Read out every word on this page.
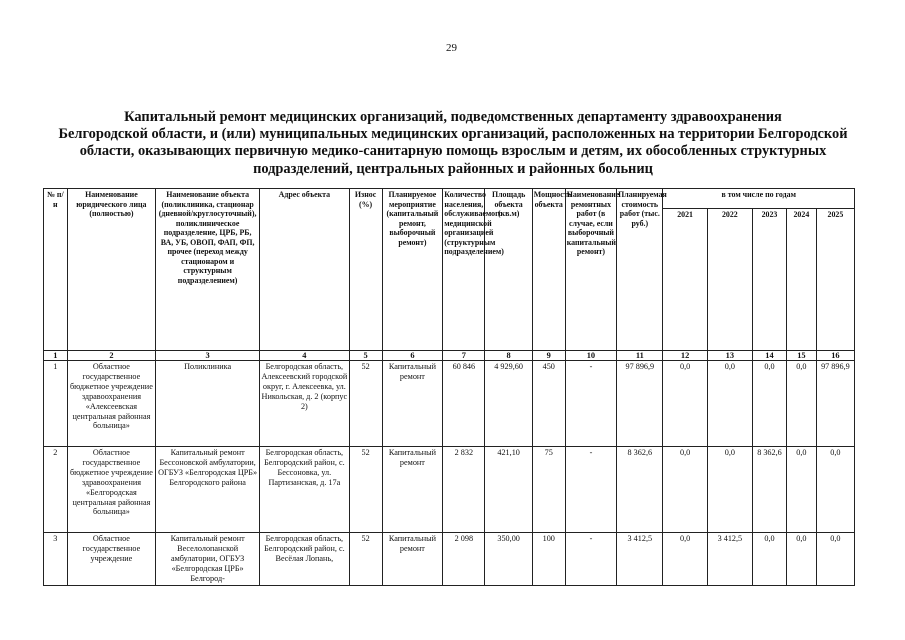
29
Капитальный ремонт медицинских организаций, подведомственных департаменту здравоохранения
Белгородской области, и (или) муниципальных медицинских организаций, расположенных на территории Белгородской
области, оказывающих первичную медико-санитарную помощь взрослым и детям, их обособленных структурных
подразделений, центральных районных и районных больниц
№ п/н	Наименование юридического лица (полностью)	Наименование объекта (поликлиника, стационар (дневной/круглосуточный), поликлиническое подразделение, ЦРБ, РБ, ВА, УБ, ОВОП, ФАП, ФП, прочее (переход между стационаром и структурным подразделением)	Адрес объекта	Износ (%)	Планируемое мероприятие (капитальный ремонт, выборочный ремонт)	Количество населения, обслуживаемого медицинской организацией (структурным подразделением)	Площадь объекта (кв.м)	Мощность объекта	Наименование ремонтных работ (в случае, если выборочный капитальный ремонт)	Планируемая стоимость работ (тыс. руб.)	в том числе по годам				
											2021	2022	2023	2024	2025
1	2	3	4	5	6	7	8	9	10	11	12	13	14	15	16
1	Областное государственное бюджетное учреждение здравоохранения «Алексеевская центральная районная больница»	Поликлиника	Белгородская область, Алексеевский городской округ, г. Алексеевка, ул. Никольская, д. 2 (корпус 2)	52	Капитальный ремонт	60 846	4 929,60	450	-	97 896,9	0,0	0,0	0,0	0,0	97 896,9
2	Областное государственное бюджетное учреждение здравоохранения «Белгородская центральная районная больница»	Капитальный ремонт Бессоновской амбулатории, ОГБУЗ «Белгородская ЦРБ» Белгородского района	Белгородская область, Белгородский район, с. Бессоновка, ул. Партизанская, д. 17а	52	Капитальный ремонт	2 832	421,10	75	-	8 362,6	0,0	0,0	8 362,6	0,0	0,0
3	Областное государственное учреждение	Капитальный ремонт Веселолопанской амбулатории, ОГБУЗ «Белгородская ЦРБ» Белгород-	Белгородская область, Белгородский район, с. Весёлая Лопань,	52	Капитальный ремонт	2 098	350,00	100	-	3 412,5	0,0	3 412,5	0,0	0,0	0,0
